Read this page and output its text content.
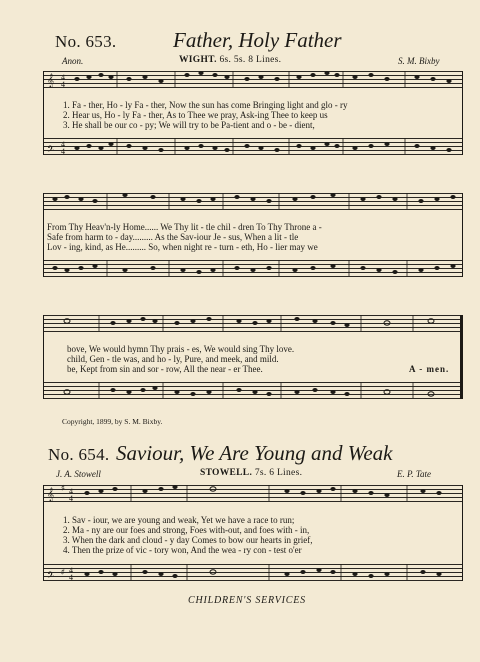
No. 653.	Father, Holy Father
Anon.	WIGHT. 6s. 5s. 8 Lines.	S. M. Bixby
𝄞
𝄢
4
4
4
4
1. Fa - ther, Ho - ly Fa - ther, Now the sun has come Bringing light and glo - ry
2. Hear us, Ho - ly Fa - ther, As to Thee we pray, Ask-ing Thee to keep us
3. He shall be our co - py; We will try to be Pa-tient and o - be - dient,
From Thy Heav'n-ly Home...... We Thy lit - tle chil - dren To Thy Throne a -
Safe from harm to - day......... As the Sav-iour Je - sus, When a lit - tle
Lov - ing, kind, as He......... So, when night re - turn - eth, Ho - lier may we
bove, We would hymn Thy prais - es, We would sing Thy love.
child, Gen - tle was, and ho - ly, Pure, and meek, and mild.
be, Kept from sin and sor - row, All the near - er Thee.	A - men.
Copyright, 1899, by S. M. Bixby.
No. 654. Saviour, We Are Young and Weak
J. A. Stowell	STOWELL. 7s. 6 Lines.	E. P. Tate
𝄞
𝄢
♯
♯
4
4
4
4
1. Sav - iour, we are young and weak, Yet we have a race to run;
2. Ma - ny are our foes and strong, Foes with-out, and foes with - in,
3. When the dark and cloud - y day Comes to bow our hearts in grief,
4. Then the prize of vic - tory won, And the wea - ry con - test o'er
CHILDREN'S SERVICES
